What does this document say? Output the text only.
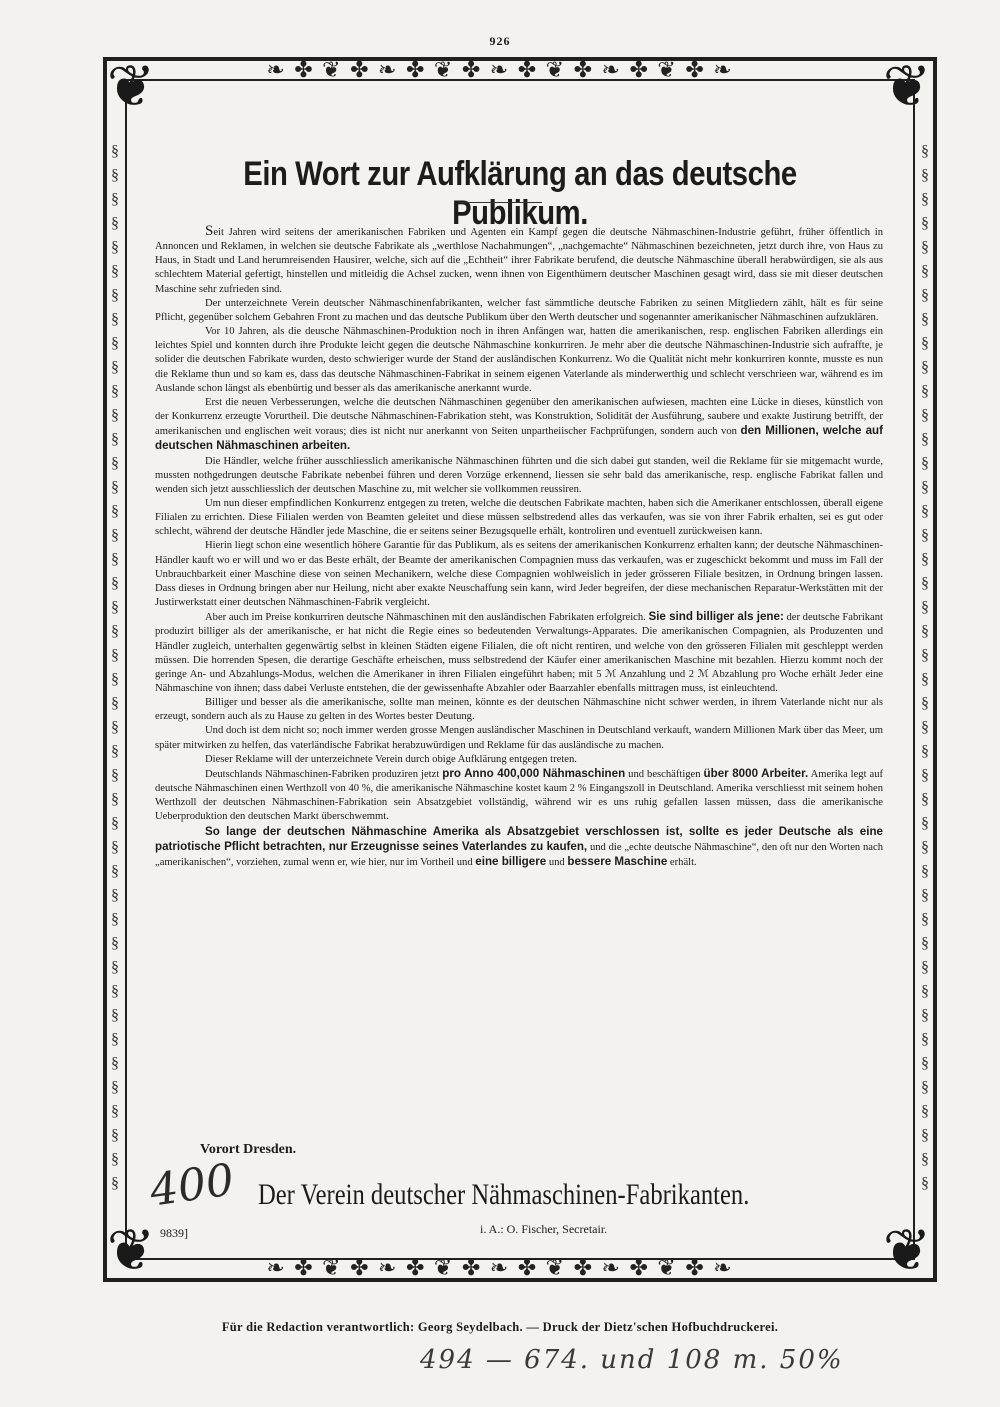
926
❦	❦
❦	❦
❧ ✤ ❦ ✤ ❧ ✤ ❦ ✤ ❧ ✤ ❦ ✤ ❧ ✤ ❦ ✤ ❧
❧ ✤ ❦ ✤ ❧ ✤ ❦ ✤ ❧ ✤ ❦ ✤ ❧ ✤ ❦ ✤ ❧
§
§
§
§
§
§
§
§
§
§
§
§
§
§
§
§
§
§
§
§
§
§
§
§
§
§
§
§
§
§
§
§
§
§
§
§
§
§
§
§
§
§
§
§
§
§
§
§
§
§
§
§
§
§
§
§
§
§
§
§
§
§
§
§
§
§
§
§
§
§
§
§
§
§
§
§
§
§
§
§
§
§
§
§
§
§
§
§
Ein Wort zur Aufklärung an das deutsche Publikum.

Seit Jahren wird seitens der amerikanischen Fabriken und Agenten ein Kampf gegen die deutsche Nähmaschinen-Industrie geführt, früher öffentlich in Annoncen und Reklamen, in welchen sie deutsche Fabrikate als „werthlose Nachahmungen“, „nachgemachte“ Nähmaschinen bezeichneten, jetzt durch ihre, von Haus zu Haus, in Stadt und Land herumreisenden Hausirer, welche, sich auf die „Echtheit“ ihrer Fabrikate berufend, die deutsche Nähmaschine überall herabwürdigen, sie als aus schlechtem Material gefertigt, hinstellen und mitleidig die Achsel zucken, wenn ihnen von Eigenthümern deutscher Maschinen gesagt wird, dass sie mit dieser deutschen Maschine sehr zufrieden sind.

Der unterzeichnete Verein deutscher Nähmaschinenfabrikanten, welcher fast sämmtliche deutsche Fabriken zu seinen Mitgliedern zählt, hält es für seine Pflicht, gegenüber solchem Gebahren Front zu machen und das deutsche Publikum über den Werth deutscher und sogenannter amerikanischer Nähmaschinen aufzuklären.

Vor 10 Jahren, als die deusche Nähmaschinen-Produktion noch in ihren Anfängen war, hatten die amerikanischen, resp. englischen Fabriken allerdings ein leichtes Spiel und konnten durch ihre Produkte leicht gegen die deutsche Nähmaschine konkurriren. Je mehr aber die deutsche Nähmaschinen-Industrie sich aufraffte, je solider die deutschen Fabrikate wurden, desto schwieriger wurde der Stand der ausländischen Konkurrenz. Wo die Qualität nicht mehr konkurriren konnte, musste es nun die Reklame thun und so kam es, dass das deutsche Nähmaschinen-Fabrikat in seinem eigenen Vaterlande als minderwerthig und schlecht verschrieen war, während es im Auslande schon längst als ebenbürtig und besser als das amerikanische anerkannt wurde.

Erst die neuen Verbesserungen, welche die deutschen Nähmaschinen gegenüber den amerikanischen aufwiesen, machten eine Lücke in dieses, künstlich von der Konkurrenz erzeugte Vorurtheil. Die deutsche Nähmaschinen-Fabrikation steht, was Konstruktion, Solidität der Ausführung, saubere und exakte Justirung betrifft, der amerikanischen und englischen weit voraus; dies ist nicht nur anerkannt von Seiten unpartheiischer Fachprüfungen, sondern auch von den Millionen, welche auf deutschen Nähmaschinen arbeiten.

Die Händler, welche früher ausschliesslich amerikanische Nähmaschinen führten und die sich dabei gut standen, weil die Reklame für sie mitgemacht wurde, mussten nothgedrungen deutsche Fabrikate nebenbei führen und deren Vorzüge erkennend, liessen sie sehr bald das amerikanische, resp. englische Fabrikat fallen und wenden sich jetzt ausschliesslich der deutschen Maschine zu, mit welcher sie vollkommen reussiren.

Um nun dieser empfindlichen Konkurrenz entgegen zu treten, welche die deutschen Fabrikate machten, haben sich die Amerikaner entschlossen, überall eigene Filialen zu errichten. Diese Filialen werden von Beamten geleitet und diese müssen selbstredend alles das verkaufen, was sie von ihrer Fabrik erhalten, sei es gut oder schlecht, während der deutsche Händler jede Maschine, die er seitens seiner Bezugsquelle erhält, kontroliren und eventuell zurückweisen kann.

Hierin liegt schon eine wesentlich höhere Garantie für das Publikum, als es seitens der amerikanischen Konkurrenz erhalten kann; der deutsche Nähmaschinen-Händler kauft wo er will und wo er das Beste erhält, der Beamte der amerikanischen Compagnien muss das verkaufen, was er zugeschickt bekommt und muss im Fall der Unbrauchbarkeit einer Maschine diese von seinen Mechanikern, welche diese Compagnien wohlweislich in jeder grösseren Filiale besitzen, in Ordnung bringen lassen. Dass dieses in Ordnung bringen aber nur Heilung, nicht aber exakte Neuschaffung sein kann, wird Jeder begreifen, der diese mechanischen Reparatur-Werkstätten mit der Justirwerkstatt einer deutschen Nähmaschinen-Fabrik vergleicht.

Aber auch im Preise konkurriren deutsche Nähmaschinen mit den ausländischen Fabrikaten erfolgreich. Sie sind billiger als jene: der deutsche Fabrikant produzirt billiger als der amerikanische, er hat nicht die Regie eines so bedeutenden Verwaltungs-Apparates. Die amerikanischen Compagnien, als Produzenten und Händler zugleich, unterhalten gegenwärtig selbst in kleinen Städten eigene Filialen, die oft nicht rentiren, und welche von den grösseren Filialen mit geschleppt werden müssen. Die horrenden Spesen, die derartige Geschäfte erheischen, muss selbstredend der Käufer einer amerikanischen Maschine mit bezahlen. Hierzu kommt noch der geringe An- und Abzahlungs-Modus, welchen die Amerikaner in ihren Filialen eingeführt haben; mit 5 ℳ Anzahlung und 2 ℳ Abzahlung pro Woche erhält Jeder eine Nähmaschine von ihnen; dass dabei Verluste entstehen, die der gewissenhafte Abzahler oder Baarzahler ebenfalls mittragen muss, ist einleuchtend.

Billiger und besser als die amerikanische, sollte man meinen, könnte es der deutschen Nähmaschine nicht schwer werden, in ihrem Vaterlande nicht nur als erzeugt, sondern auch als zu Hause zu gelten in des Wortes bester Deutung.

Und doch ist dem nicht so; noch immer werden grosse Mengen ausländischer Maschinen in Deutschland verkauft, wandern Millionen Mark über das Meer, um später mitwirken zu helfen, das vaterländische Fabrikat herabzuwürdigen und Reklame für das ausländische zu machen.

Dieser Reklame will der unterzeichnete Verein durch obige Aufklärung entgegen treten.

Deutschlands Nähmaschinen-Fabriken produziren jetzt pro Anno 400,000 Nähmaschinen und beschäftigen über 8000 Arbeiter. Amerika legt auf deutsche Nähmaschinen einen Werthzoll von 40 %, die amerikanische Nähmaschine kostet kaum 2 % Eingangszoll in Deutschland. Amerika verschliesst mit seinem hohen Werthzoll der deutschen Nähmaschinen-Fabrikation sein Absatzgebiet vollständig, während wir es uns ruhig gefallen lassen müssen, dass die amerikanische Ueberproduktion den deutschen Markt überschwemmt.

So lange der deutschen Nähmaschine Amerika als Absatzgebiet verschlossen ist, sollte es jeder Deutsche als eine patriotische Pflicht betrachten, nur Erzeugnisse seines Vaterlandes zu kaufen, und die „echte deutsche Nähmaschine“, den oft nur den Worten nach „amerikanischen“, vorziehen, zumal wenn er, wie hier, nur im Vortheil und eine billigere und bessere Maschine erhält.

Vorort Dresden.
400 Der Verein deutscher Nähmaschinen-Fabrikanten.
9839]	i. A.: O. Fischer, Secretair.
Für die Redaction verantwortlich: Georg Seydelbach. — Druck der Dietz'schen Hofbuchdruckerei.
494 — 674. und 108 m. 50%
